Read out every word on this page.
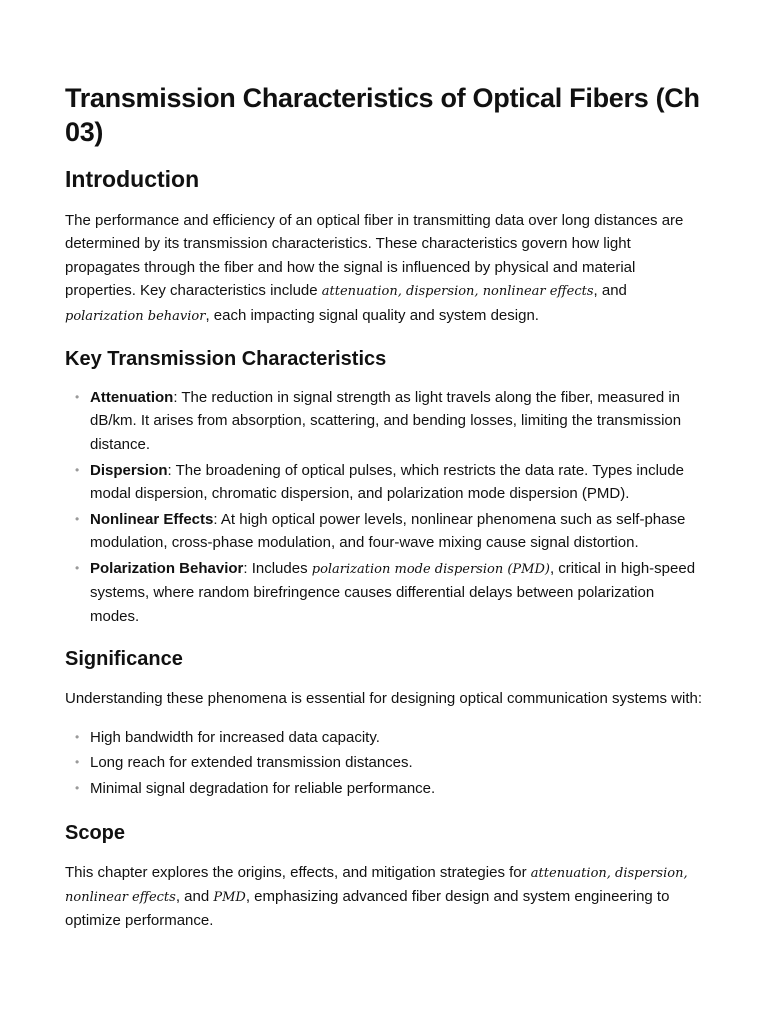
Transmission Characteristics of Optical Fibers (Ch 03)
Introduction

The performance and efficiency of an optical fiber in transmitting data over long distances are determined by its transmission characteristics. These characteristics govern how light propagates through the fiber and how the signal is influenced by physical and material properties. Key characteristics include attenuation, dispersion, nonlinear effects, and polarization behavior, each impacting signal quality and system design.

Key Transmission Characteristics
• Attenuation: The reduction in signal strength as light travels along the fiber, measured in dB/km. It arises from absorption, scattering, and bending losses, limiting the transmission distance.
• Dispersion: The broadening of optical pulses, which restricts the data rate. Types include modal dispersion, chromatic dispersion, and polarization mode dispersion (PMD).
• Nonlinear Effects: At high optical power levels, nonlinear phenomena such as self-phase modulation, cross-phase modulation, and four-wave mixing cause signal distortion.
• Polarization Behavior: Includes polarization mode dispersion (PMD), critical in high-speed systems, where random birefringence causes differential delays between polarization modes.
Significance

Understanding these phenomena is essential for designing optical communication systems with:

• High bandwidth for increased data capacity.
• Long reach for extended transmission distances.
• Minimal signal degradation for reliable performance.
Scope

This chapter explores the origins, effects, and mitigation strategies for attenuation, dispersion, nonlinear effects, and PMD, emphasizing advanced fiber design and system engineering to optimize performance.
